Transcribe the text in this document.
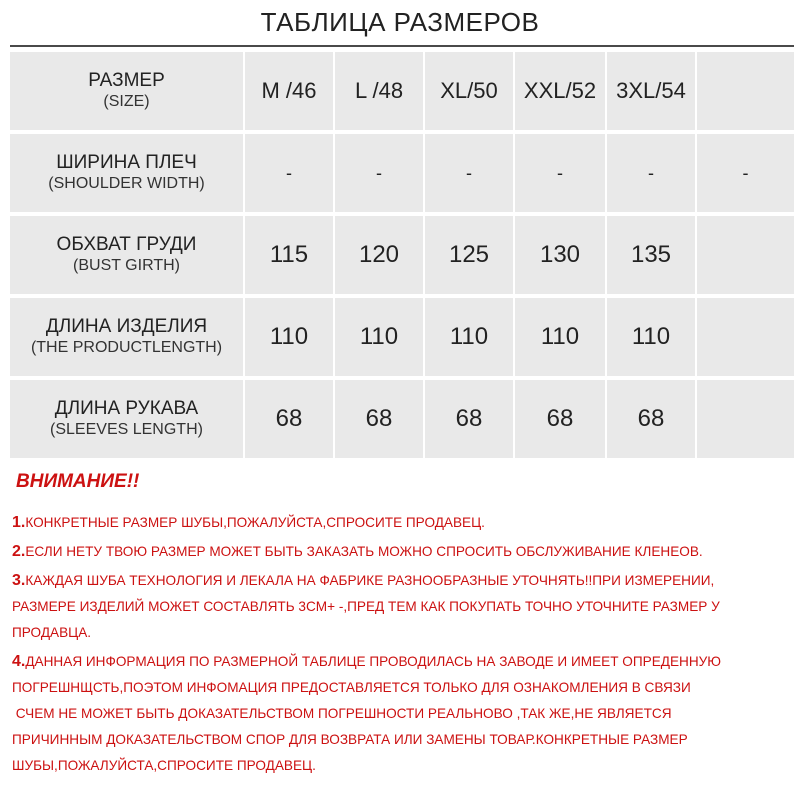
ТАБЛИЦА РАЗМЕРОВ
РАЗМЕР
(SIZE)	M /46	L /48	XL/50	XXL/52	3XL/54	

ШИРИНА ПЛЕЧ
(SHOULDER WIDTH)	-	-	-	-	-	-

ОБХВАТ ГРУДИ
(BUST GIRTH)	115	120	125	130	135	

ДЛИНА ИЗДЕЛИЯ
(THE PRODUCTLENGTH)	110	110	110	110	110	

ДЛИНА РУКАВА
(SLEEVES LENGTH)	68	68	68	68	68	
ВНИМАНИЕ!!
1.КОНКРЕТНЫЕ РАЗМЕР ШУБЫ,ПОЖАЛУЙСТА,СПРОСИТЕ ПРОДАВЕЦ.
2.ЕСЛИ НЕТУ ТВОЮ РАЗМЕР МОЖЕТ БЫТЬ ЗАКАЗАТЬ МОЖНО СПРОСИТЬ ОБСЛУЖИВАНИЕ КЛЕНЕОВ.
3.КАЖДАЯ ШУБА ТЕХНОЛОГИЯ И ЛЕКАЛА НА ФАБРИКЕ РАЗНООБРАЗНЫЕ УТОЧНЯТЬ!!ПРИ ИЗМЕРЕНИИ,
РАЗМЕРЕ ИЗДЕЛИЙ МОЖЕТ СОСТАВЛЯТЬ 3CM+ -,ПРЕД ТЕМ КАК ПОКУПАТЬ ТОЧНО УТОЧНИТЕ РАЗМЕР У
ПРОДАВЦА.
4.ДАННАЯ ИНФОРМАЦИЯ ПО РАЗМЕРНОЙ ТАБЛИЦЕ ПРОВОДИЛАСЬ НА ЗАВОДЕ И ИМЕЕТ ОПРЕДЕННУЮ
ПОГРЕШНЩСТЬ,ПОЭТОМ ИНФОМАЦИЯ ПРЕДОСТАВЛЯЕТСЯ ТОЛЬКО ДЛЯ ОЗНАКОМЛЕНИЯ В СВЯЗИ
СЧЕМ НЕ МОЖЕТ БЫТЬ ДОКАЗАТЕЛЬСТВОМ ПОГРЕШНОСТИ РЕАЛЬНОВО ,ТАК ЖЕ,НЕ ЯВЛЯЕТСЯ
ПРИЧИННЫМ ДОКАЗАТЕЛЬСТВОМ СПОР ДЛЯ ВОЗВРАТА ИЛИ ЗАМЕНЫ ТОВАР.КОНКРЕТНЫЕ РАЗМЕР
ШУБЫ,ПОЖАЛУЙСТА,СПРОСИТЕ ПРОДАВЕЦ.
